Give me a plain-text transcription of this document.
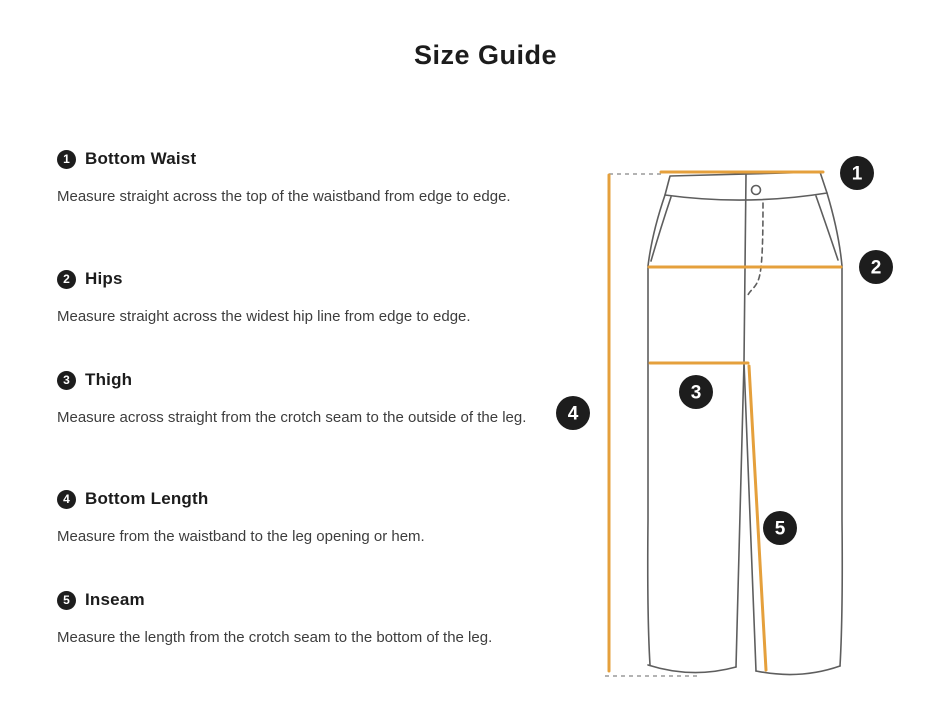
Size Guide
1
2
3
4
5
1 Bottom Waist
Measure straight across the top of the waistband from edge to edge.
2 Hips
Measure straight across the widest hip line from edge to edge.
3 Thigh
Measure across straight from the crotch seam to the outside of the leg.
4 Bottom Length
Measure from the waistband to the leg opening or hem.
5 Inseam
Measure the length from the crotch seam to the bottom of the leg.
